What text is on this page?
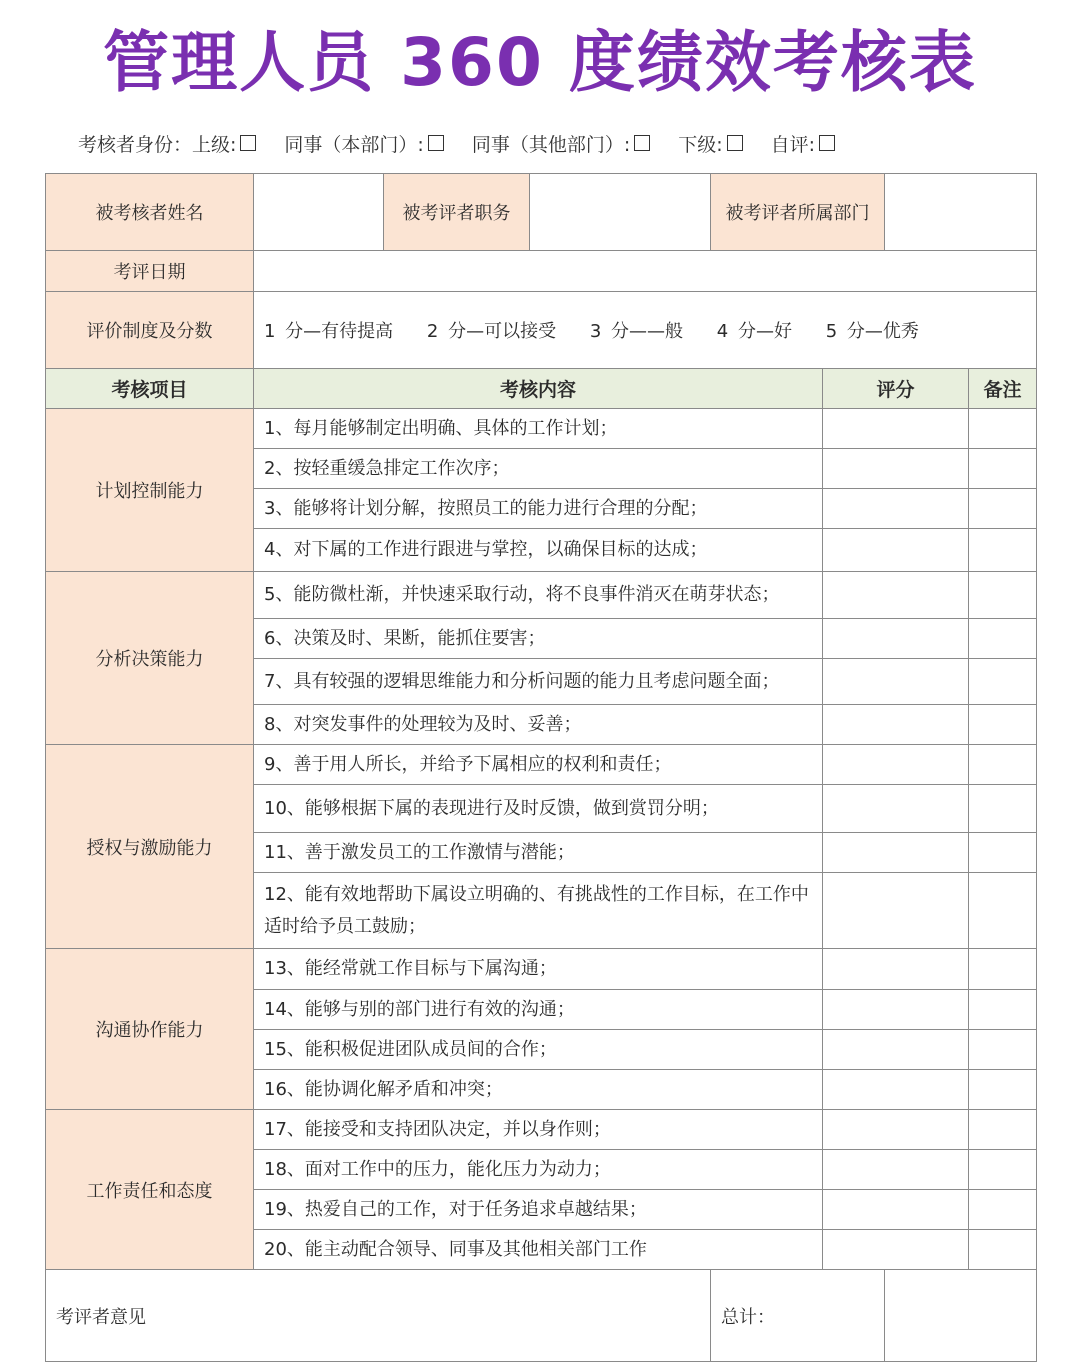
管理人员 360 度绩效考核表
考核者身份： 上级:	同事（本部门）:	同事（其他部门）:	下级:	自评:
被考核者姓名		被考评者职务		被考评者所属部门			
考评日期							
评价制度及分数	1 分—有待提高 2 分—可以接受 3 分——般 4 分—好 5 分—优秀						
考核项目	考核内容				评分		备注
计划控制能力	1、每月能够制定出明确、具体的工作计划；						
	2、按轻重缓急排定工作次序；						
	3、能够将计划分解，按照员工的能力进行合理的分配；						
	4、对下属的工作进行跟进与掌控，以确保目标的达成；						
分析决策能力	5、能防微杜渐，并快速采取行动，将不良事件消灭在萌芽状态；						
	6、决策及时、果断，能抓住要害；						
	7、具有较强的逻辑思维能力和分析问题的能力且考虑问题全面；						
	8、对突发事件的处理较为及时、妥善；						
授权与激励能力	9、善于用人所长，并给予下属相应的权利和责任；						
	10、能够根据下属的表现进行及时反馈，做到赏罚分明；						
	11、善于激发员工的工作激情与潜能；						
	12、能有效地帮助下属设立明确的、有挑战性的工作目标，在工作中适时给予员工鼓励；						
沟通协作能力	13、能经常就工作目标与下属沟通；						
	14、能够与别的部门进行有效的沟通；						
	15、能积极促进团队成员间的合作；						
	16、能协调化解矛盾和冲突；						
工作责任和态度	17、能接受和支持团队决定，并以身作则；						
	18、面对工作中的压力，能化压力为动力；						
	19、热爱自己的工作，对于任务追求卓越结果；						
	20、能主动配合领导、同事及其他相关部门工作						
考评者意见				总计：			
